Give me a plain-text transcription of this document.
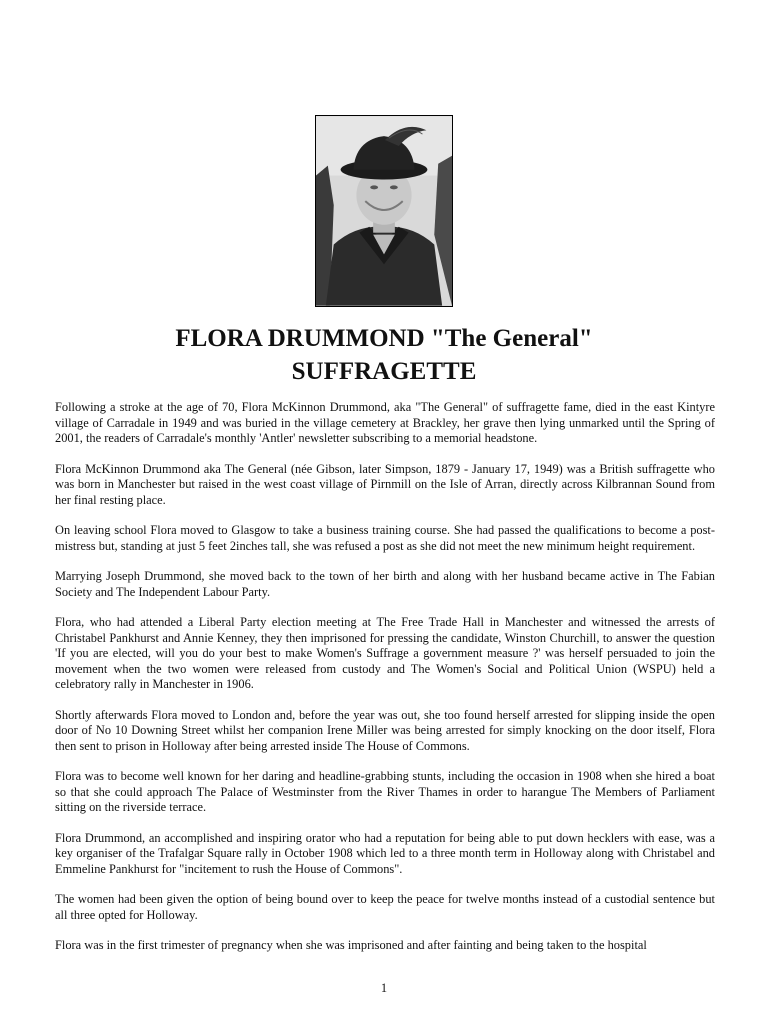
FLORA DRUMMOND "The General"
SUFFRAGETTE

Following a stroke at the age of 70, Flora McKinnon Drummond, aka "The General" of suffragette fame, died in the east Kintyre village of Carradale in 1949 and was buried in the village cemetery at Brackley, her grave then lying unmarked until the Spring of 2001, the readers of Carradale's monthly 'Antler' newsletter subscribing to a memorial headstone.

Flora McKinnon Drummond aka The General (née Gibson, later Simpson, 1879 - January 17, 1949) was a British suffragette who was born in Manchester but raised in the west coast village of Pirnmill on the Isle of Arran, directly across Kilbrannan Sound from her final resting place.

On leaving school Flora moved to Glasgow to take a business training course. She had passed the qualifications to become a post-mistress but, standing at just 5 feet 2inches tall, she was refused a post as she did not meet the new minimum height requirement.

Marrying Joseph Drummond, she moved back to the town of her birth and along with her husband became active in The Fabian Society and The Independent Labour Party.

Flora, who had attended a Liberal Party election meeting at The Free Trade Hall in Manchester and witnessed the arrests of Christabel Pankhurst and Annie Kenney, they then imprisoned for pressing the candidate, Winston Churchill, to answer the question 'If you are elected, will you do your best to make Women's Suffrage a government measure ?' was herself persuaded to join the movement when the two women were released from custody and The Women's Social and Political Union (WSPU) held a celebratory rally in Manchester in 1906.

Shortly afterwards Flora moved to London and, before the year was out, she too found herself arrested for slipping inside the open door of No 10 Downing Street whilst her companion Irene Miller was being arrested for simply knocking on the door itself, Flora then sent to prison in Holloway after being arrested inside The House of Commons.

Flora was to become well known for her daring and headline-grabbing stunts, including the occasion in 1908 when she hired a boat so that she could approach The Palace of Westminster from the River Thames in order to harangue The Members of Parliament sitting on the riverside terrace.

Flora Drummond, an accomplished and inspiring orator who had a reputation for being able to put down hecklers with ease, was a key organiser of the Trafalgar Square rally in October 1908 which led to a three month term in Holloway along with Christabel and Emmeline Pankhurst for "incitement to rush the House of Commons".

The women had been given the option of being bound over to keep the peace for twelve months instead of a custodial sentence but all three opted for Holloway.

Flora was in the first trimester of pregnancy when she was imprisoned and after fainting and being taken to the hospital

1
